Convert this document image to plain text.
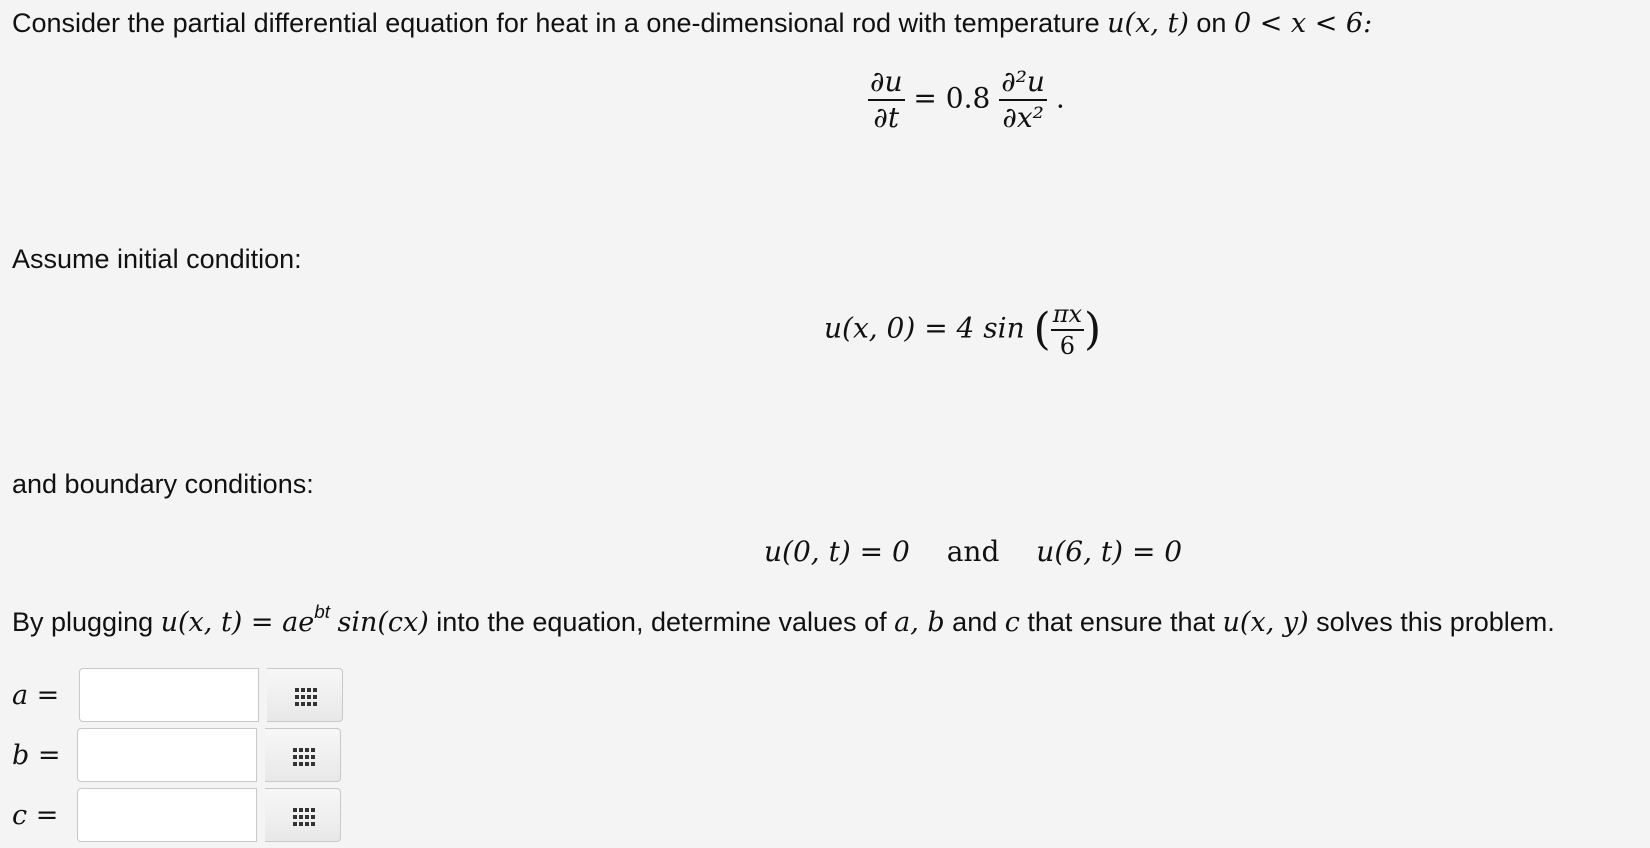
Consider the partial differential equation for heat in a one-dimensional rod with temperature u(x, t) on 0 < x < 6:
$\frac{\partial u}{\partial t} = 0.8 \frac{\text{∂²u}}{\text{∂x²}}$ .
Assume initial condition:
u(x, 0) = 4 sin ( $\frac{\pi x}{6}$ )
and boundary conditions:
u(0, t) = 0 and u(6, t) = 0
By plugging u(x, $t) = ae^{bt}$ sin(cx) into the equation, determine values of a, b and c that ensure that u(x, y) solves this problem.
a =
b =
c =
